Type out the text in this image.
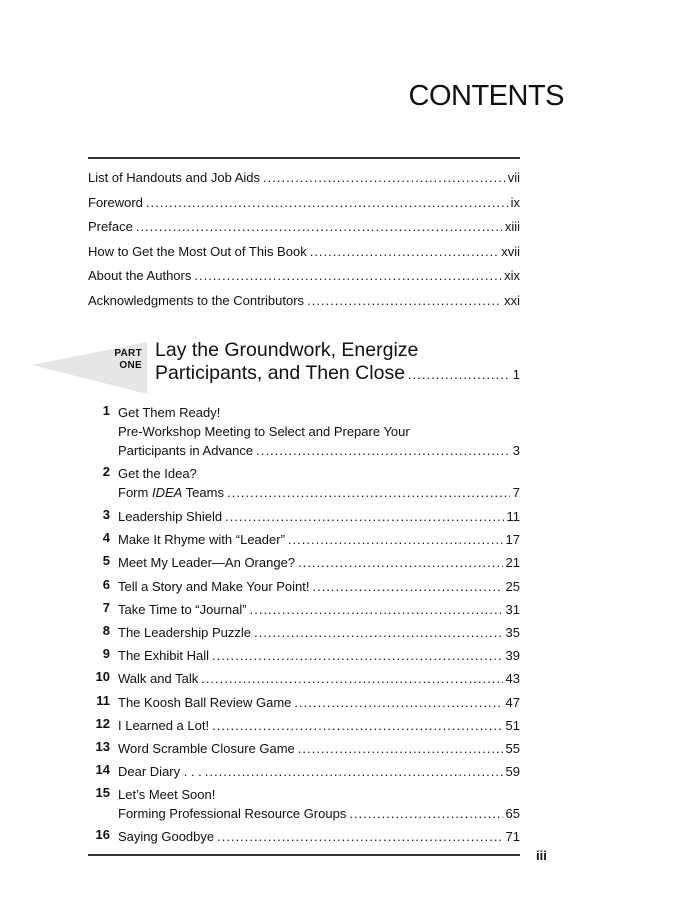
CONTENTS
List of Handouts and Job Aids .....	vii
Foreword .....	ix
Preface .....	xiii
How to Get the Most Out of This Book .....	xvii
About the Authors .....	xix
Acknowledgments to the Contributors .....	xxi
PART
ONE
Lay the Groundwork, Energize
Participants, and Then Close .....	1
1 Get Them Ready!
Pre-Workshop Meeting to Select and Prepare Your
Participants in Advance .....	3
2 Get the Idea?
Form IDEA Teams .....	7
3 Leadership Shield .....	11
4 Make It Rhyme with “Leader” .....	17
5 Meet My Leader—An Orange? .....	21
6 Tell a Story and Make Your Point! .....	25
7 Take Time to “Journal” .....	31
8 The Leadership Puzzle .....	35
9 The Exhibit Hall .....	39
10 Walk and Talk .....	43
11 The Koosh Ball Review Game .....	47
12 I Learned a Lot! .....	51
13 Word Scramble Closure Game .....	55
14 Dear Diary . . . .....	59
15 Let’s Meet Soon!
Forming Professional Resource Groups .....	65
16 Saying Goodbye .....	71
iii
